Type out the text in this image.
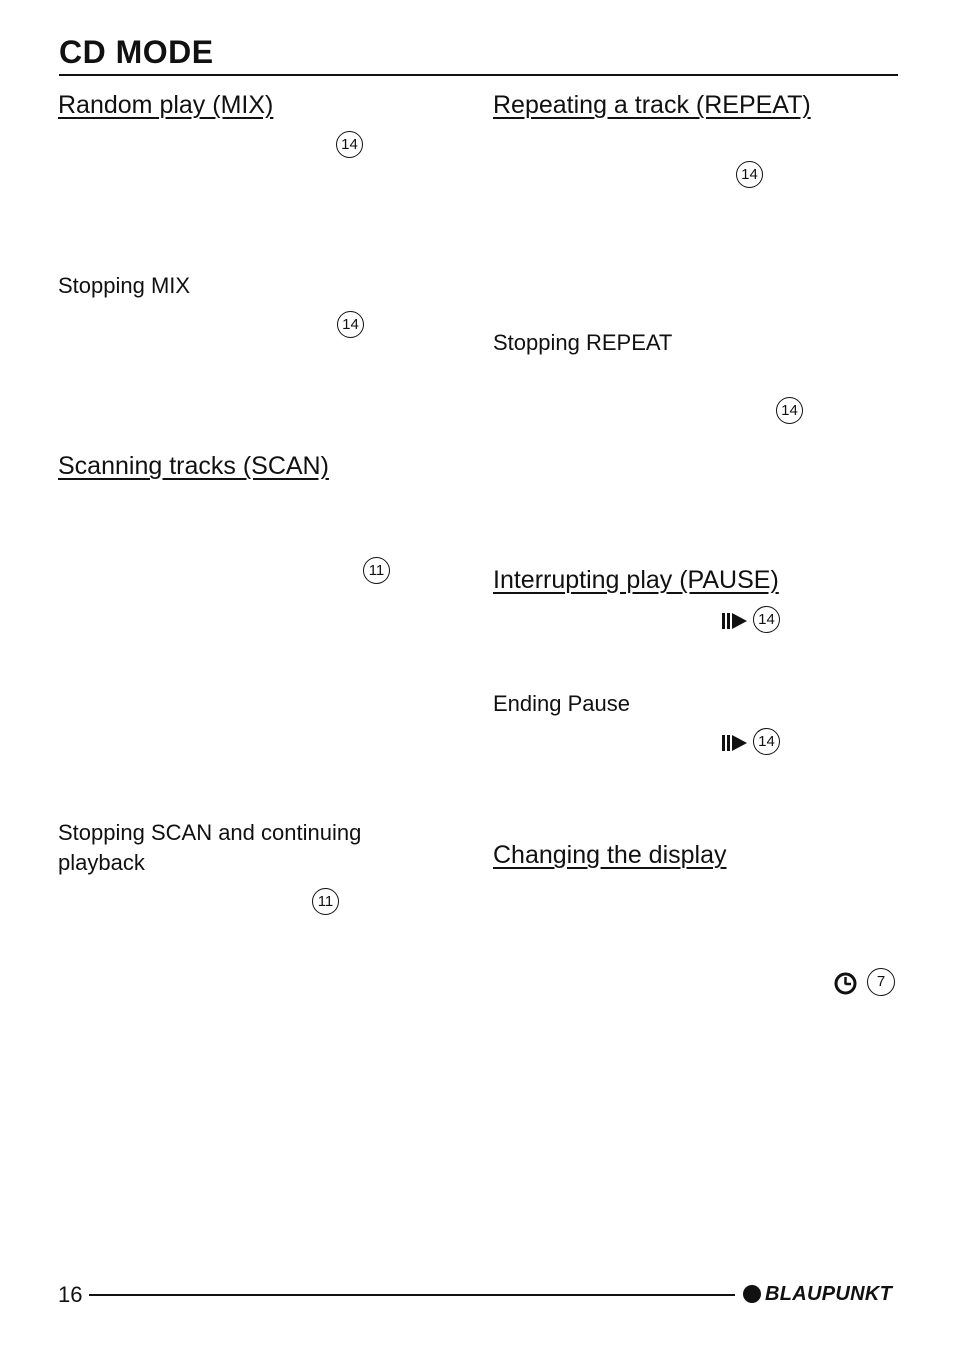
CD MODE
Random play (MIX)
14
Stopping MIX
14
Scanning tracks (SCAN)
11
Stopping SCAN and continuing
playback
11
Repeating a track (REPEAT)
14
Stopping REPEAT
14
Interrupting play (PAUSE)
14
Ending Pause
14
Changing the display
7
16	BLAUPUNKT
